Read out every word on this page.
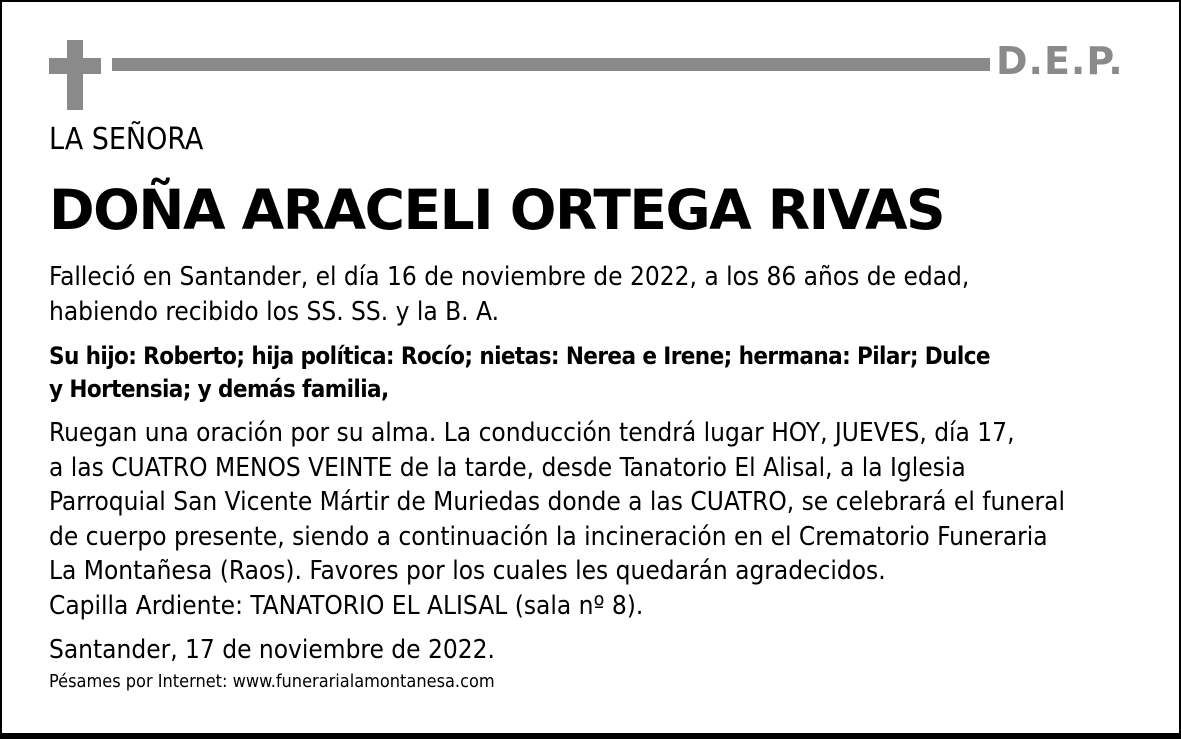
D.E.P.
LA SEÑORA
DOÑA ARACELI ORTEGA RIVAS
Falleció en Santander, el día 16 de noviembre de 2022, a los 86 años de edad,
habiendo recibido los SS. SS. y la B. A.
Su hijo: Roberto; hija política: Rocío; nietas: Nerea e Irene; hermana: Pilar; Dulce
y Hortensia; y demás familia,
Ruegan una oración por su alma. La conducción tendrá lugar HOY, JUEVES, día 17,
a las CUATRO MENOS VEINTE de la tarde, desde Tanatorio El Alisal, a la Iglesia
Parroquial San Vicente Mártir de Muriedas donde a las CUATRO, se celebrará el funeral
de cuerpo presente, siendo a continuación la incineración en el Crematorio Funeraria
La Montañesa (Raos). Favores por los cuales les quedarán agradecidos.
Capilla Ardiente: TANATORIO EL ALISAL (sala nº 8).
Santander, 17 de noviembre de 2022.
Pésames por Internet: www.funerarialamontanesa.com
